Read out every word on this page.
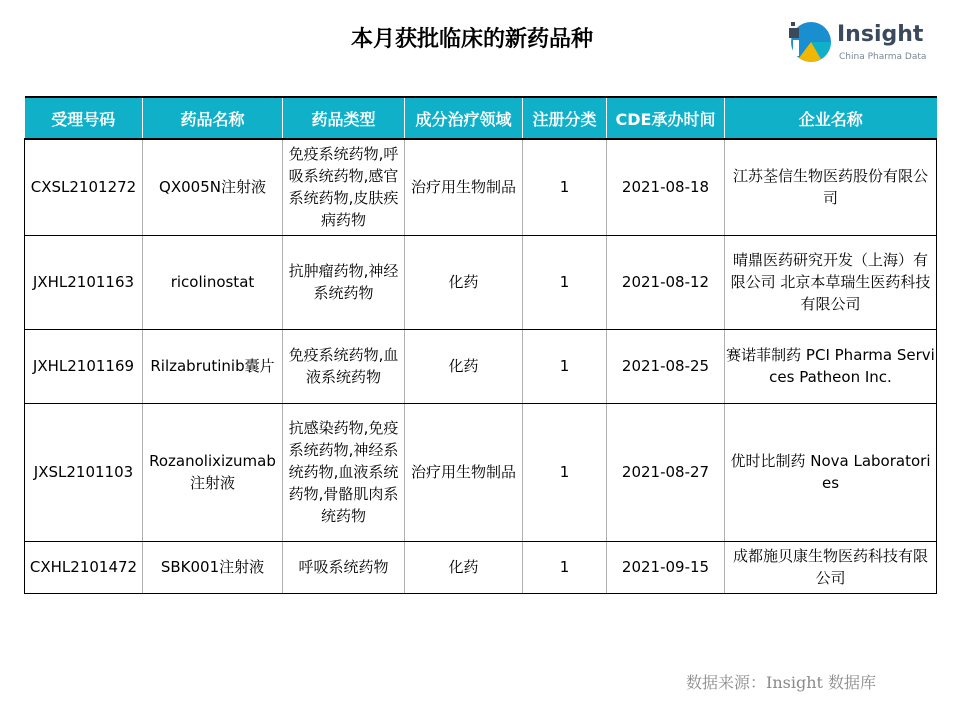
本月获批临床的新药品种	Insight
China Pharma Data
受理号码	药品名称	药品类型	成分治疗领域	注册分类	CDE承办时间	企业名称
CXSL2101272	QX005N注射液	免疫系统药物,呼吸系统药物,感官系统药物,皮肤疾病药物	治疗用生物制品	1	2021-08-18	江苏荃信生物医药股份有限公司
JXHL2101163	ricolinostat	抗肿瘤药物,神经系统药物	化药	1	2021-08-12	晴鼎医药研究开发（上海）有限公司 北京本草瑞生医药科技有限公司
JXHL2101169	Rilzabrutinib囊片	免疫系统药物,血液系统药物	化药	1	2021-08-25	赛诺菲制药 PCI Pharma Services Patheon Inc.
JXSL2101103	Rozanolixizumab注射液	抗感染药物,免疫系统药物,神经系统药物,血液系统药物,骨骼肌肉系统药物	治疗用生物制品	1	2021-08-27	优时比制药 Nova Laboratories
CXHL2101472	SBK001注射液	呼吸系统药物	化药	1	2021-09-15	成都施贝康生物医药科技有限公司
数据来源：Insight 数据库
